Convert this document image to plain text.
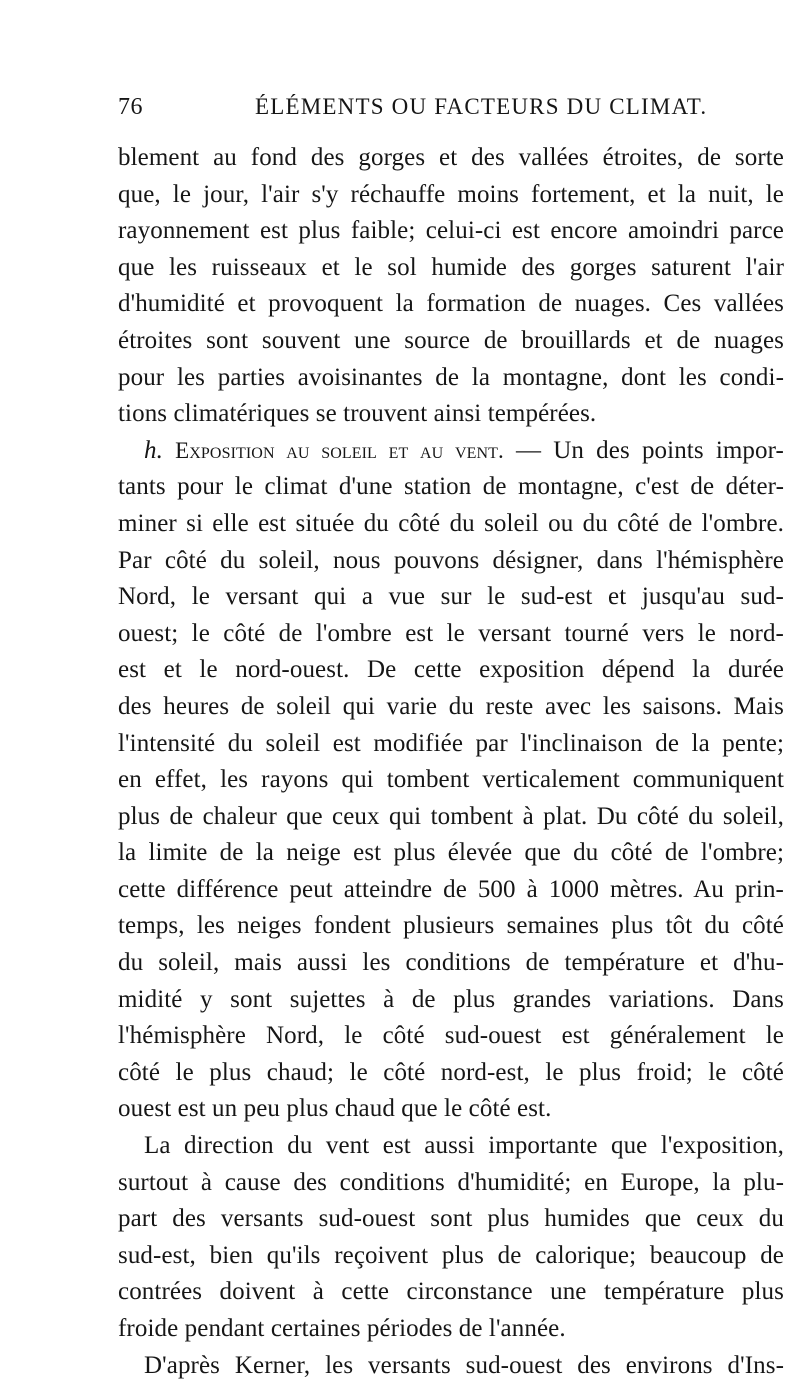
76	ÉLÉMENTS OU FACTEURS DU CLIMAT.
blement au fond des gorges et des vallées étroites, de sorte
que, le jour, l'air s'y réchauffe moins fortement, et la nuit, le
rayonnement est plus faible; celui-ci est encore amoindri parce
que les ruisseaux et le sol humide des gorges saturent l'air
d'humidité et provoquent la formation de nuages. Ces vallées
étroites sont souvent une source de brouillards et de nuages
pour les parties avoisinantes de la montagne, dont les condi-
tions climatériques se trouvent ainsi tempérées.
h. Exposition au soleil et au vent. — Un des points impor-
tants pour le climat d'une station de montagne, c'est de déter-
miner si elle est située du côté du soleil ou du côté de l'ombre.
Par côté du soleil, nous pouvons désigner, dans l'hémisphère
Nord, le versant qui a vue sur le sud-est et jusqu'au sud-
ouest; le côté de l'ombre est le versant tourné vers le nord-
est et le nord-ouest. De cette exposition dépend la durée
des heures de soleil qui varie du reste avec les saisons. Mais
l'intensité du soleil est modifiée par l'inclinaison de la pente;
en effet, les rayons qui tombent verticalement communiquent
plus de chaleur que ceux qui tombent à plat. Du côté du soleil,
la limite de la neige est plus élevée que du côté de l'ombre;
cette différence peut atteindre de 500 à 1000 mètres. Au prin-
temps, les neiges fondent plusieurs semaines plus tôt du côté
du soleil, mais aussi les conditions de température et d'hu-
midité y sont sujettes à de plus grandes variations. Dans
l'hémisphère Nord, le côté sud-ouest est généralement le
côté le plus chaud; le côté nord-est, le plus froid; le côté
ouest est un peu plus chaud que le côté est.
La direction du vent est aussi importante que l'exposition,
surtout à cause des conditions d'humidité; en Europe, la plu-
part des versants sud-ouest sont plus humides que ceux du
sud-est, bien qu'ils reçoivent plus de calorique; beaucoup de
contrées doivent à cette circonstance une température plus
froide pendant certaines périodes de l'année.
D'après Kerner, les versants sud-ouest des environs d'Ins-
